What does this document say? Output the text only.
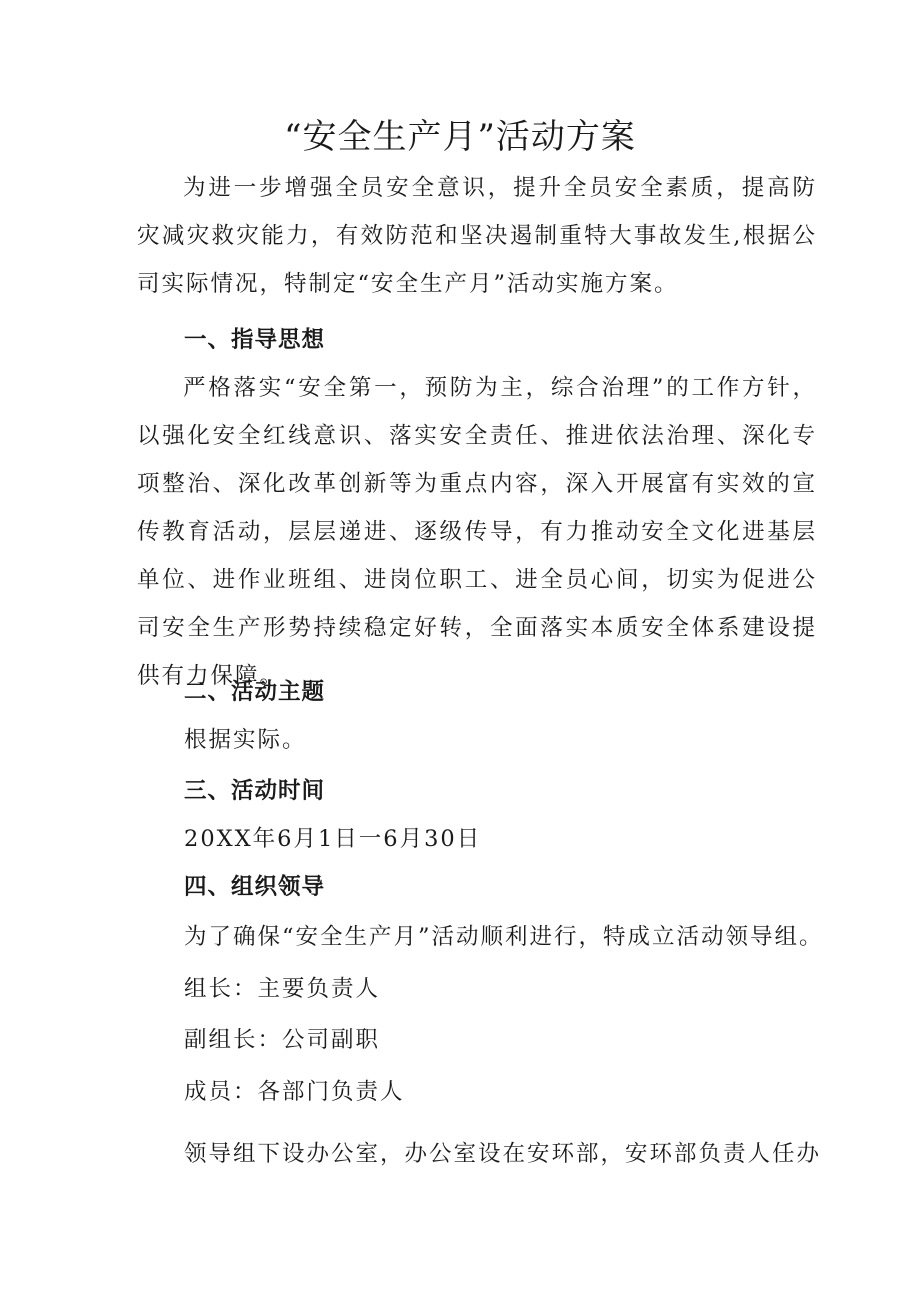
“安全生产月”活动方案

为进一步增强全员安全意识，提升全员安全素质，提高防灾减灾救灾能力，有效防范和坚决遏制重特大事故发生,根据公司实际情况，特制定“安全生产月”活动实施方案。

一、指导思想

严格落实“安全第一，预防为主，综合治理”的工作方针，以强化安全红线意识、落实安全责任、推进依法治理、深化专项整治、深化改革创新等为重点内容，深入开展富有实效的宣传教育活动，层层递进、逐级传导，有力推动安全文化进基层单位、进作业班组、进岗位职工、进全员心间，切实为促进公司安全生产形势持续稳定好转，全面落实本质安全体系建设提供有力保障。

二、活动主题

根据实际。

三、活动时间

20XX年6月1日一6月30日

四、组织领导

为了确保“安全生产月”活动顺利进行，特成立活动领导组。

组长：主要负责人

副组长：公司副职

成员：各部门负责人

领导组下设办公室，办公室设在安环部，安环部负责人任办
